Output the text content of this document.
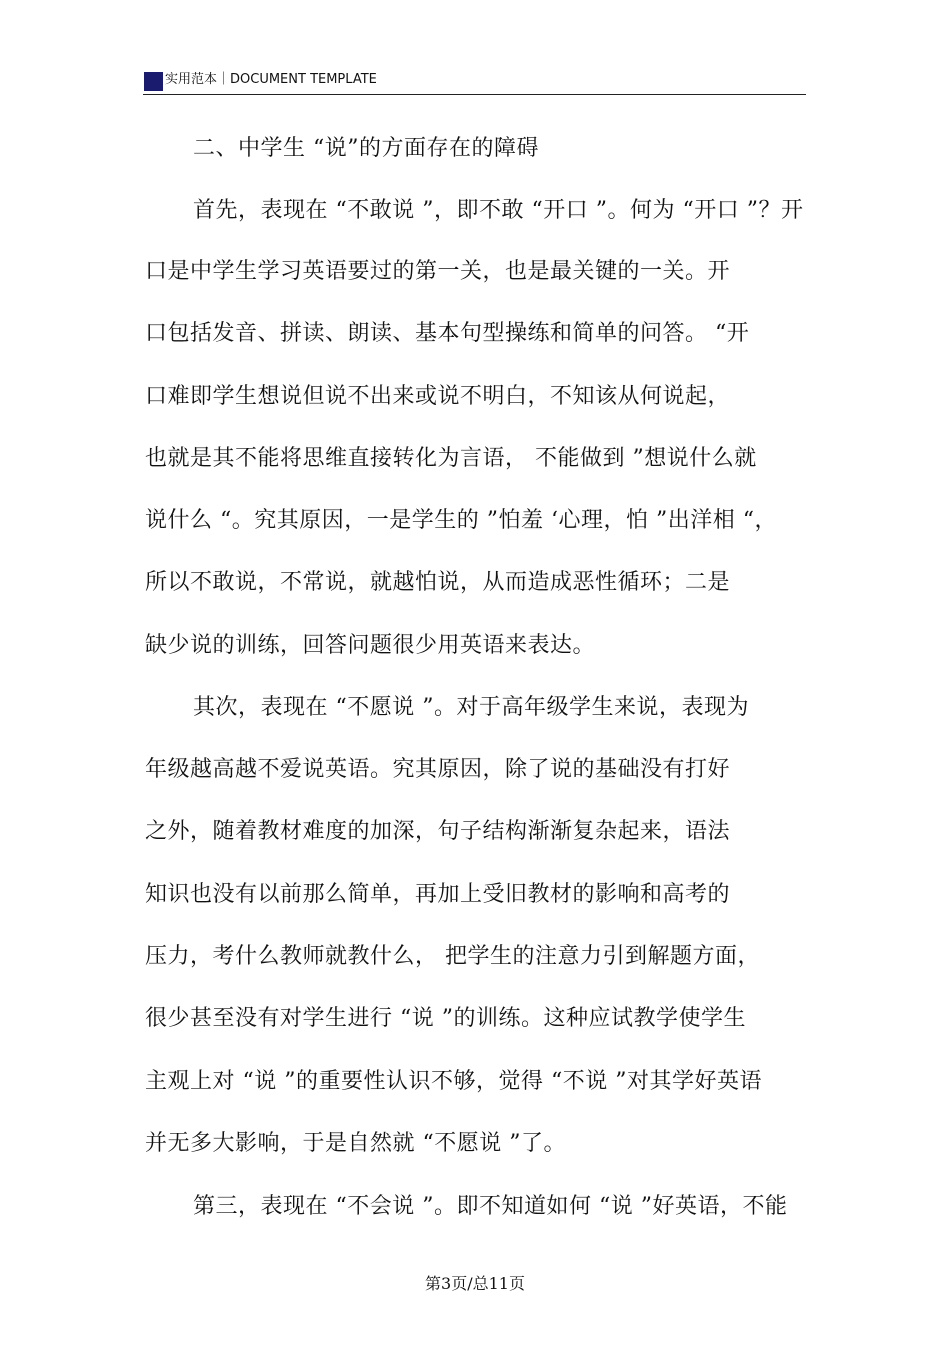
实用范本｜DOCUMENT TEMPLATE
二、中学生 “说”的方面存在的障碍
首先，表现在 “不敢说 ”，即不敢 “开口 ”。何为 “开口 ”？开
口是中学生学习英语要过的第一关，也是最关键的一关。开
口包括发音、拼读、朗读、基本句型操练和简单的问答。 “开
口难即学生想说但说不出来或说不明白，不知该从何说起，
也就是其不能将思维直接转化为言语， 不能做到 ”想说什么就
说什么 “。究其原因，一是学生的 ”怕羞 ‘心理，怕 ”出洋相 “，
所以不敢说，不常说，就越怕说，从而造成恶性循环；二是
缺少说的训练，回答问题很少用英语来表达。
其次，表现在 “不愿说 ”。对于高年级学生来说，表现为
年级越高越不爱说英语。究其原因，除了说的基础没有打好
之外，随着教材难度的加深，句子结构渐渐复杂起来，语法
知识也没有以前那么简单，再加上受旧教材的影响和高考的
压力，考什么教师就教什么， 把学生的注意力引到解题方面，
很少甚至没有对学生进行 “说 ”的训练。这种应试教学使学生
主观上对 “说 ”的重要性认识不够，觉得 “不说 ”对其学好英语
并无多大影响，于是自然就 “不愿说 ”了。
第三，表现在 “不会说 ”。即不知道如何 “说 ”好英语，不能
第3页/总11页
